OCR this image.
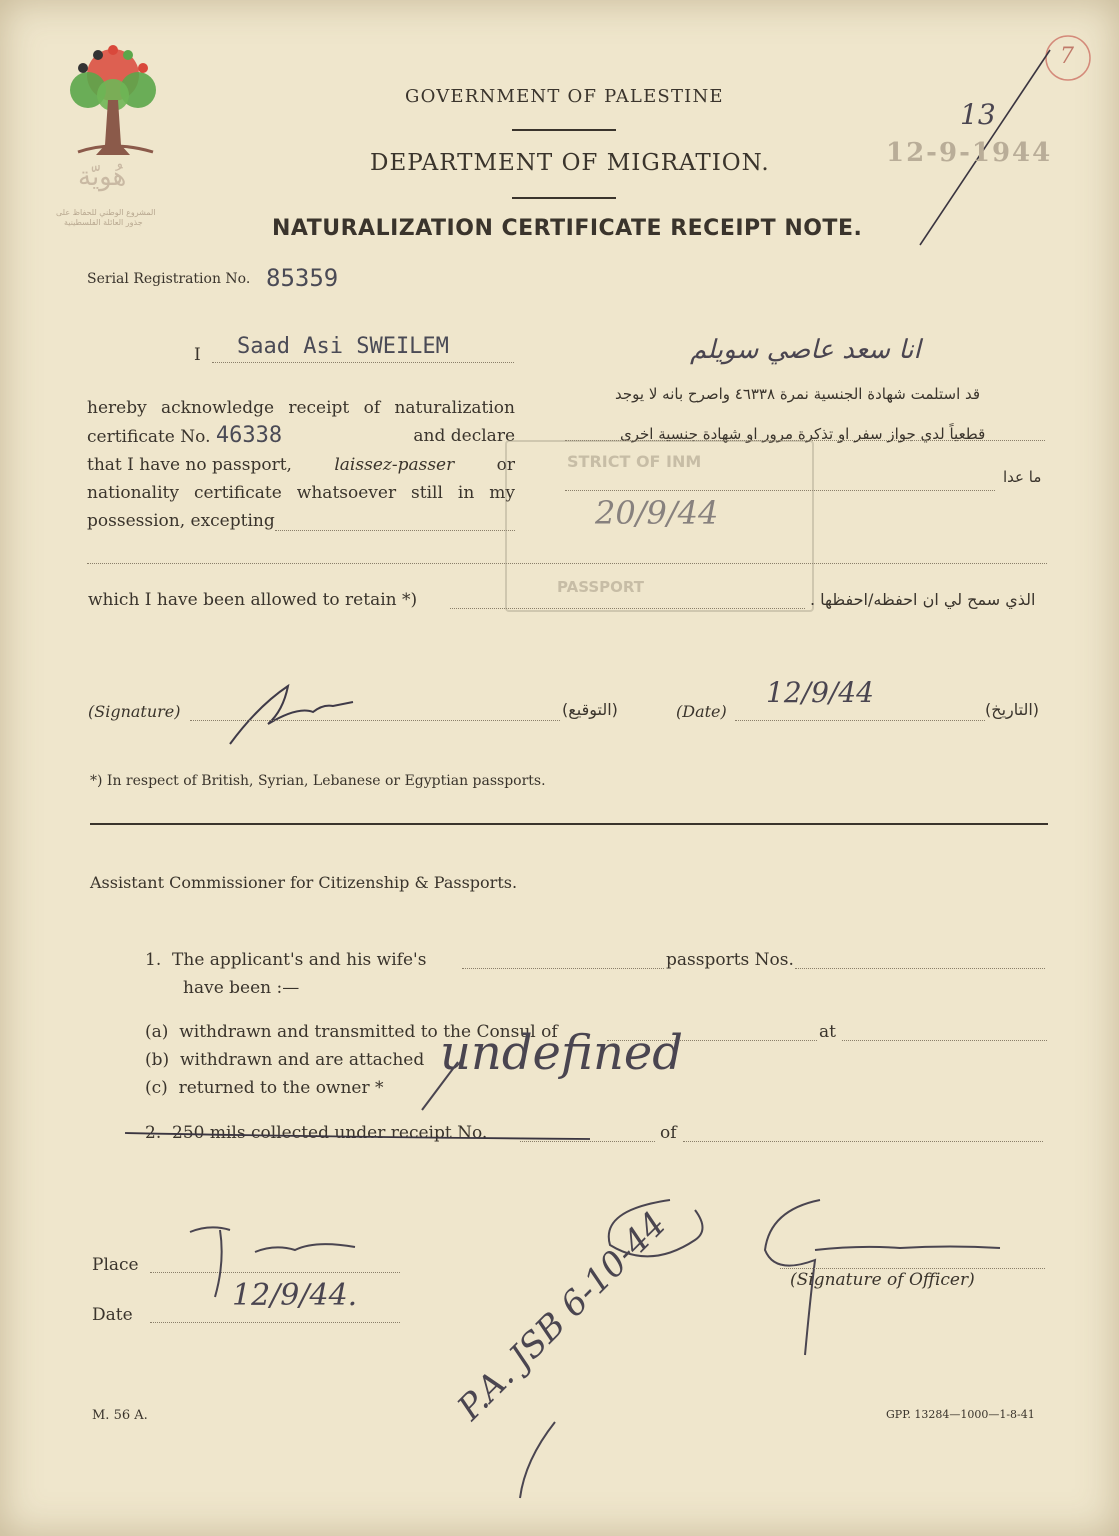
هُويّة
المشروع الوطني للحفاظ على
جذور العائلة الفلسطينية
7
13
12-9-1944
GOVERNMENT OF PALESTINE
DEPARTMENT OF MIGRATION.
NATURALIZATION CERTIFICATE RECEIPT NOTE.
Serial Registration No. 85359
I Saad Asi SWEILEM	انا سعد عاصي سويلم
hereby acknowledge receipt of naturalization
certificate No. 46338	and declare
that I have no passport, laissez-passer or
nationality certificate whatsoever still in my
possession, excepting
قد استلمت شهادة الجنسية نمرة ٤٦٣٣٨ واصرح بانه لا يوجد
قطعياً لدي جواز سفر او تذكرة مرور او شهادة جنسية اخرى
ما عدا
STRICT OF INM
20/9/44
PASSPORT
which I have been allowed to retain *)	الذي سمح لي ان احفظه/احفظها .
(Signature)	(التوقيع)	(Date)
12/9/44
(التاريخ)
*) In respect of British, Syrian, Lebanese or Egyptian passports.
Assistant Commissioner for Citizenship & Passports.
1.  The applicant's and his wife's	passports Nos.
have been :—
(a)  withdrawn and transmitted to the Consul of	at
(b)  withdrawn and are attached
(c)  returned to the owner *
undefined
2.  250 mils collected under receipt No.	of
Place
Date
12/9/44.	(Signature of Officer)
P.A. JSB 6-10-44
M. 56 A.	GPP. 13284—1000—1-8-41
